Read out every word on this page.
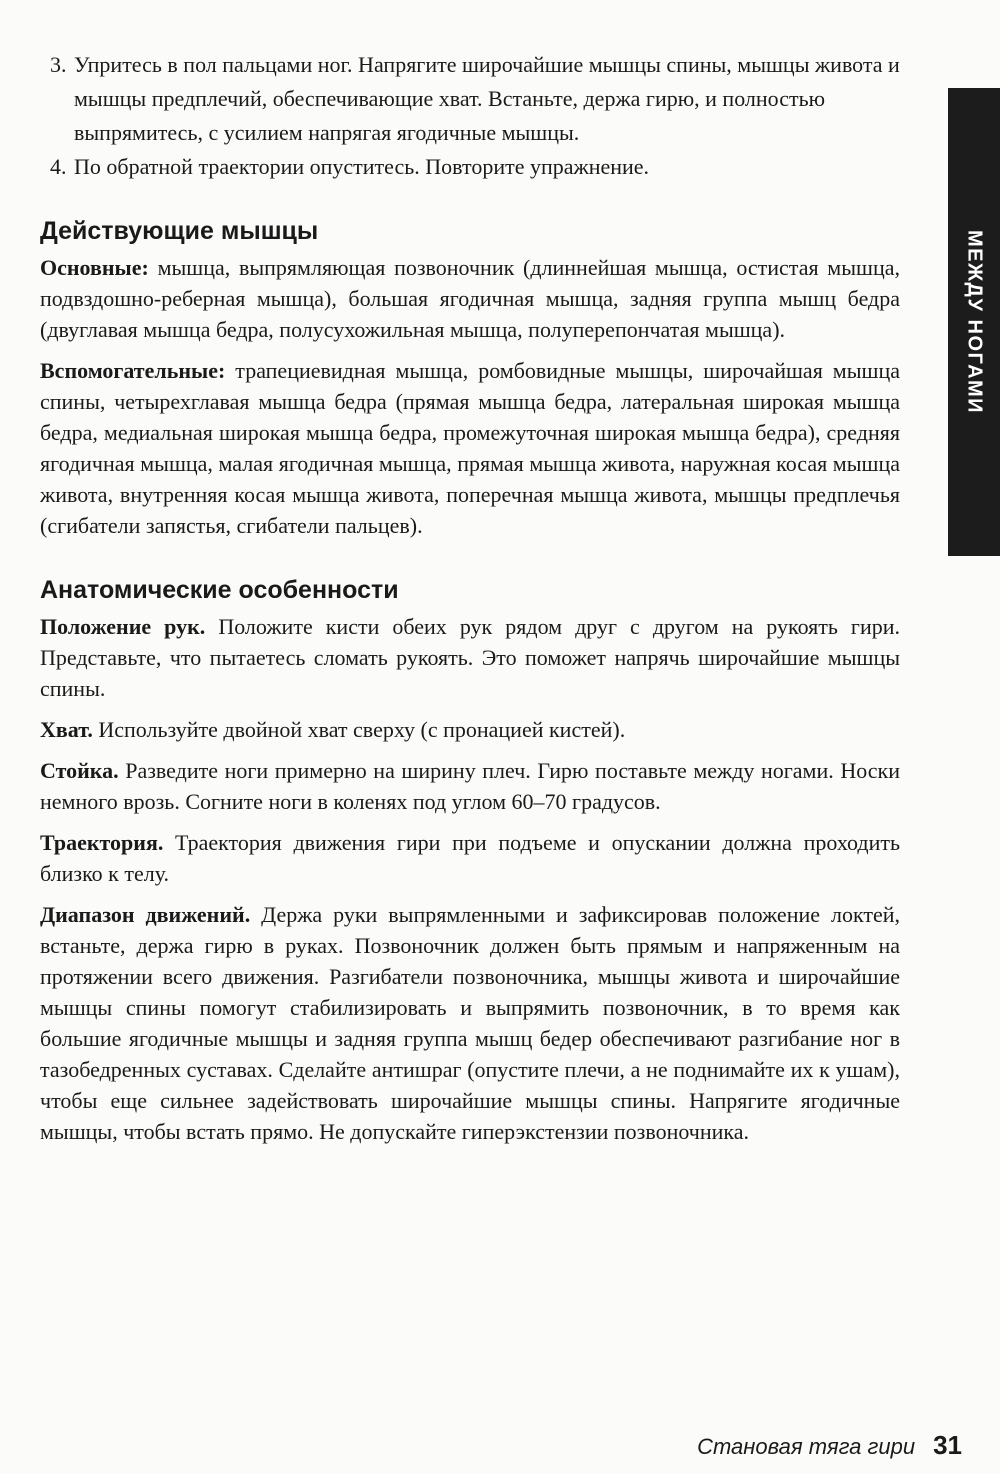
3. Упритесь в пол пальцами ног. Напрягите широчайшие мышцы спины, мышцы живота и мышцы предплечий, обеспечивающие хват. Встаньте, держа гирю, и полностью выпрямитесь, с усилием напрягая ягодичные мышцы.
4. По обратной траектории опуститесь. Повторите упражнение.
Действующие мышцы

Основные: мышца, выпрямляющая позвоночник (длиннейшая мышца, остистая мышца, подвздошно-реберная мышца), большая ягодичная мышца, задняя группа мышц бедра (двуглавая мышца бедра, полусухожильная мышца, полуперепончатая мышца).

Вспомогательные: трапециевидная мышца, ромбовидные мышцы, широчайшая мышца спины, четырехглавая мышца бедра (прямая мышца бедра, латеральная широкая мышца бедра, медиальная широкая мышца бедра, промежуточная широкая мышца бедра), средняя ягодичная мышца, малая ягодичная мышца, прямая мышца живота, наружная косая мышца живота, внутренняя косая мышца живота, поперечная мышца живота, мышцы предплечья (сгибатели запястья, сгибатели пальцев).

Анатомические особенности

Положение рук. Положите кисти обеих рук рядом друг с другом на рукоять гири. Представьте, что пытаетесь сломать рукоять. Это поможет напрячь широчайшие мышцы спины.

Хват. Используйте двойной хват сверху (с пронацией кистей).

Стойка. Разведите ноги примерно на ширину плеч. Гирю поставьте между ногами. Носки немного врозь. Согните ноги в коленях под углом 60–70 градусов.

Траектория. Траектория движения гири при подъеме и опускании должна проходить близко к телу.

Диапазон движений. Держа руки выпрямленными и зафиксировав положение локтей, встаньте, держа гирю в руках. Позвоночник должен быть прямым и напряженным на протяжении всего движения. Разгибатели позвоночника, мышцы живота и широчайшие мышцы спины помогут стабилизировать и выпрямить позвоночник, в то время как большие ягодичные мышцы и задняя группа мышц бедер обеспечивают разгибание ног в тазобедренных суставах. Сделайте антишраг (опустите плечи, а не поднимайте их к ушам), чтобы еще сильнее задействовать широчайшие мышцы спины. Напрягите ягодичные мышцы, чтобы встать прямо. Не допускайте гиперэкстензии позвоночника.

МЕЖДУ НОГАМИ
Становая тяга гири 31
